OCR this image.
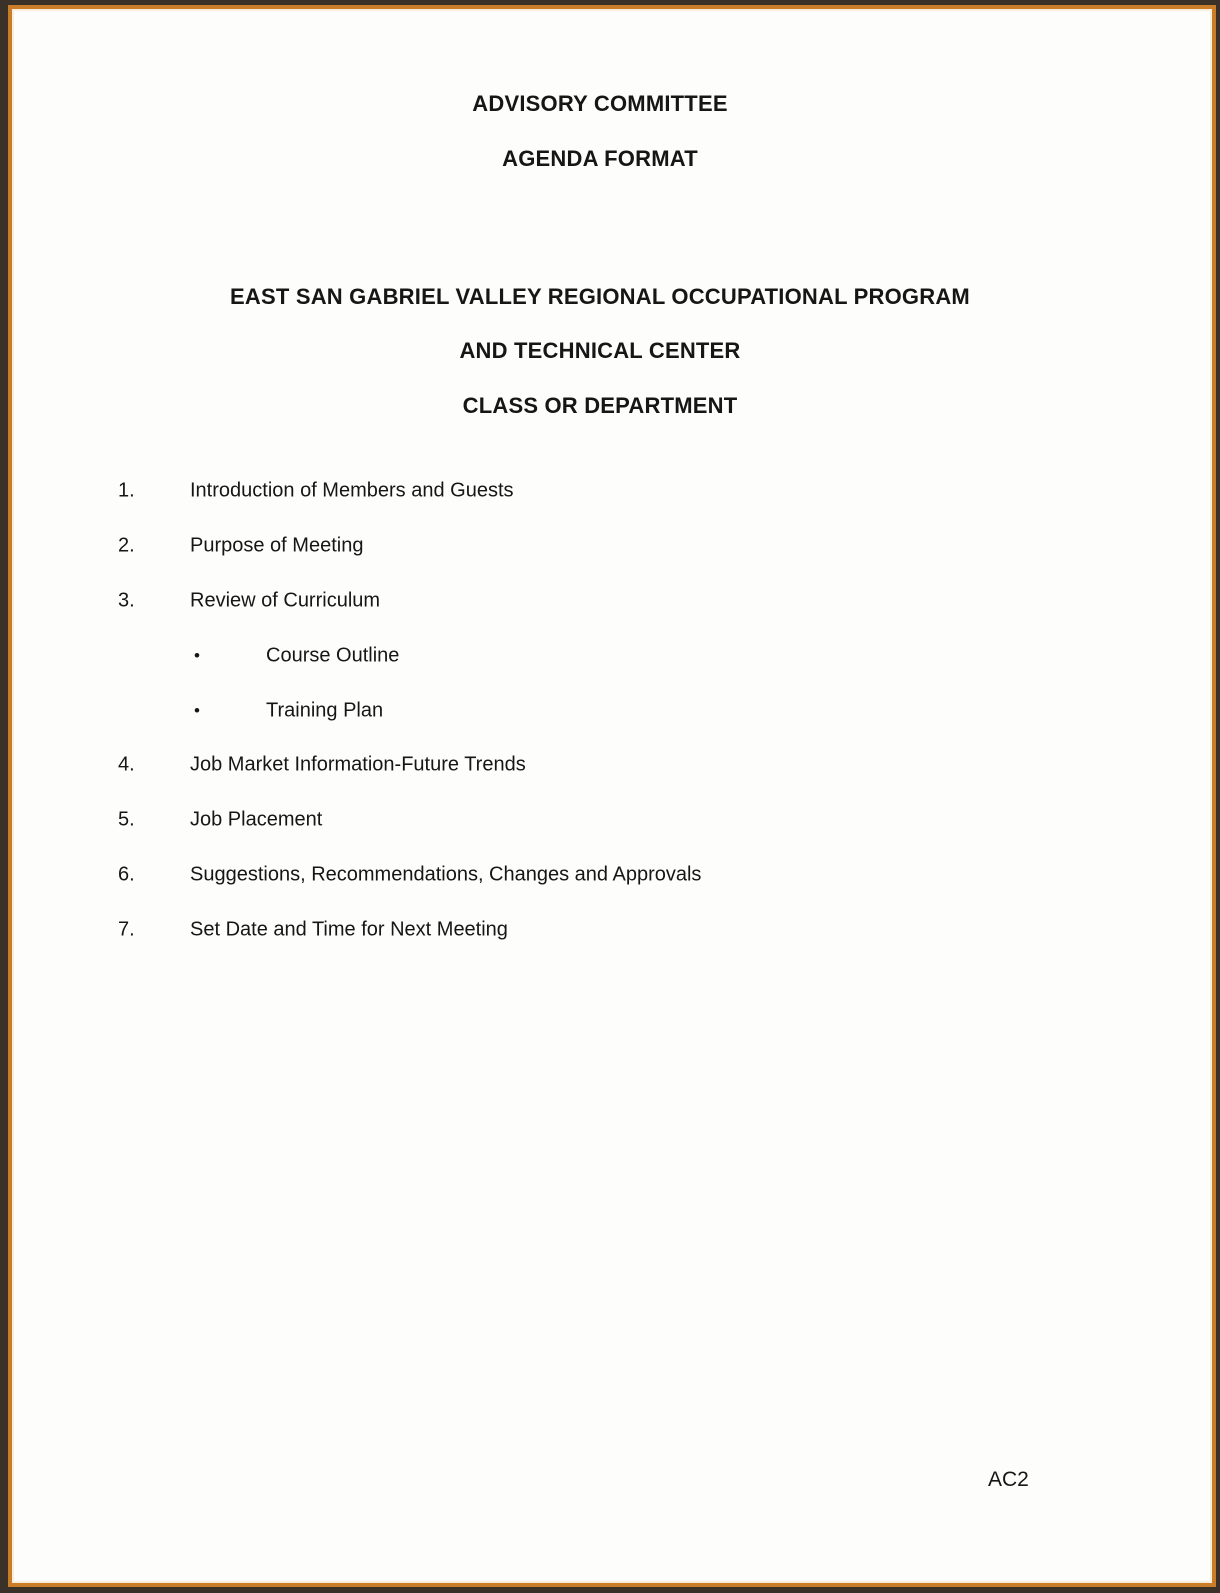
ADVISORY COMMITTEE
AGENDA FORMAT

EAST SAN GABRIEL VALLEY REGIONAL OCCUPATIONAL PROGRAM

AND TECHNICAL CENTER

CLASS OR DEPARTMENT
1.	Introduction of Members and Guests
2.	Purpose of Meeting
3.	Review of Curriculum
•	Course Outline
•	Training Plan
4.	Job Market Information-Future Trends
5.	Job Placement
6.	Suggestions, Recommendations, Changes and Approvals
7.	Set Date and Time for Next Meeting
AC2
